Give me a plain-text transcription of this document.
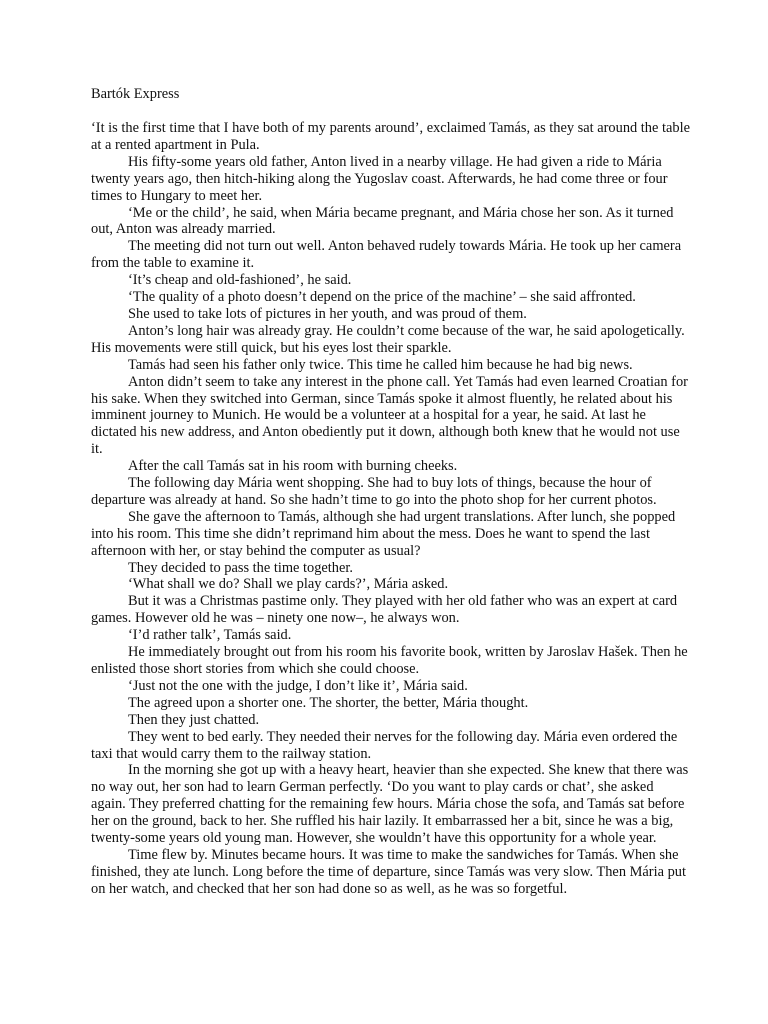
Bartók Express

‘It is the first time that I have both of my parents around’, exclaimed Tamás, as they sat around the table at a rented apartment in Pula.

His fifty-some years old father, Anton lived in a nearby village. He had given a ride to Mária twenty years ago, then hitch-hiking along the Yugoslav coast. Afterwards, he had come three or four times to Hungary to meet her.

‘Me or the child’, he said, when Mária became pregnant, and Mária chose her son. As it turned out, Anton was already married.

The meeting did not turn out well. Anton behaved rudely towards Mária. He took up her camera from the table to examine it.

‘It’s cheap and old-fashioned’, he said.

‘The quality of a photo doesn’t depend on the price of the machine’ – she said affronted.

She used to take lots of pictures in her youth, and was proud of them.

Anton’s long hair was already gray. He couldn’t come because of the war, he said apologetically. His movements were still quick, but his eyes lost their sparkle.

Tamás had seen his father only twice. This time he called him because he had big news.

Anton didn’t seem to take any interest in the phone call. Yet Tamás had even learned Croatian for his sake. When they switched into German, since Tamás spoke it almost fluently, he related about his imminent journey to Munich. He would be a volunteer at a hospital for a year, he said. At last he dictated his new address, and Anton obediently put it down, although both knew that he would not use it.

After the call Tamás sat in his room with burning cheeks.

The following day Mária went shopping. She had to buy lots of things, because the hour of departure was already at hand. So she hadn’t time to go into the photo shop for her current photos.

She gave the afternoon to Tamás, although she had urgent translations. After lunch, she popped into his room. This time she didn’t reprimand him about the mess. Does he want to spend the last afternoon with her, or stay behind the computer as usual?

They decided to pass the time together.

‘What shall we do? Shall we play cards?’, Mária asked.

But it was a Christmas pastime only. They played with her old father who was an expert at card games. However old he was – ninety one now–, he always won.

‘I’d rather talk’, Tamás said.

He immediately brought out from his room his favorite book, written by Jaroslav Hašek. Then he enlisted those short stories from which she could choose.

‘Just not the one with the judge, I don’t like it’, Mária said.

The agreed upon a shorter one. The shorter, the better, Mária thought.

Then they just chatted.

They went to bed early. They needed their nerves for the following day. Mária even ordered the taxi that would carry them to the railway station.

In the morning she got up with a heavy heart, heavier than she expected. She knew that there was no way out, her son had to learn German perfectly. ‘Do you want to play cards or chat’, she asked again. They preferred chatting for the remaining few hours. Mária chose the sofa, and Tamás sat before her on the ground, back to her. She ruffled his hair lazily. It embarrassed her a bit, since he was a big, twenty-some years old young man. However, she wouldn’t have this opportunity for a whole year.

Time flew by. Minutes became hours. It was time to make the sandwiches for Tamás. When she finished, they ate lunch. Long before the time of departure, since Tamás was very slow. Then Mária put on her watch, and checked that her son had done so as well, as he was so forgetful.
